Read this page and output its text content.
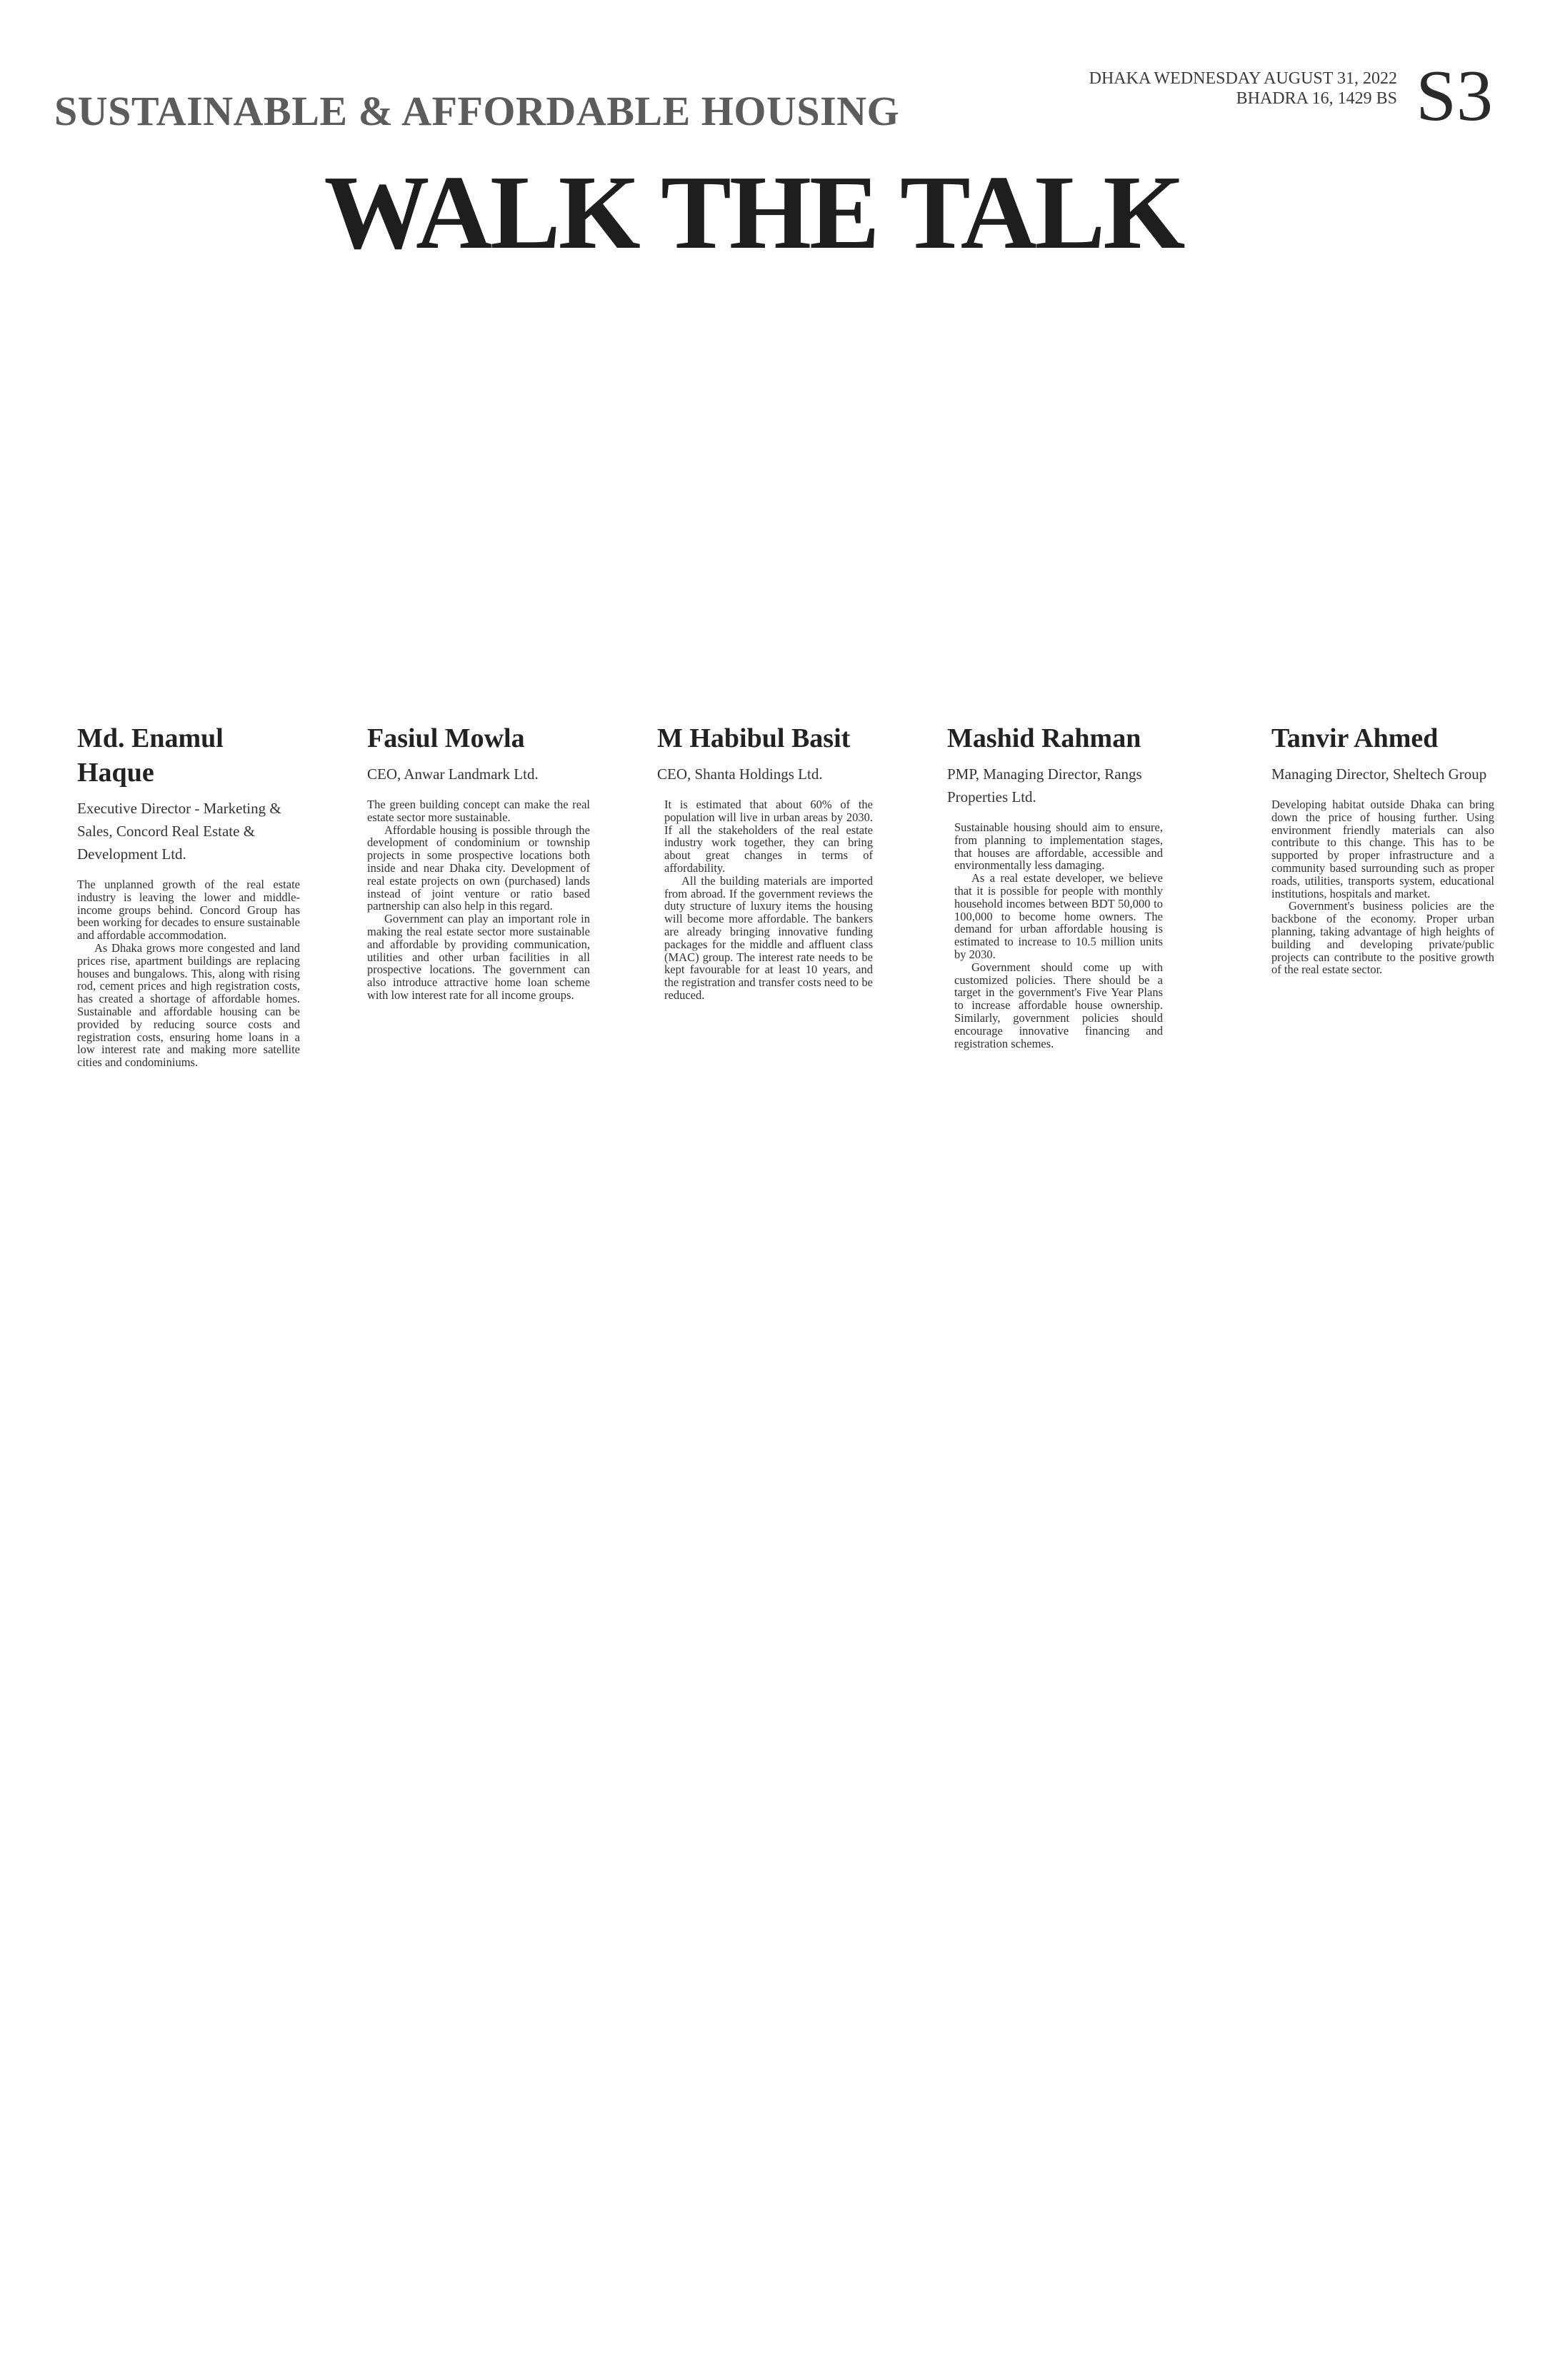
SUSTAINABLE & AFFORDABLE HOUSING
DHAKA WEDNESDAY AUGUST 31, 2022
BHADRA 16, 1429 BS S3
WALK THE TALK
Md. Enamul Haque
Executive Director - Marketing & Sales, Concord Real Estate & Development Ltd.

The unplanned growth of the real estate industry is leaving the lower and middle-income groups behind. Concord Group has been working for decades to ensure sustainable and affordable accommodation.

As Dhaka grows more congested and land prices rise, apartment buildings are replacing houses and bungalows. This, along with rising rod, cement prices and high registration costs, has created a shortage of affordable homes. Sustainable and affordable housing can be provided by reducing source costs and registration costs, ensuring home loans in a low interest rate and making more satellite cities and condominiums.

Fasiul Mowla
CEO, Anwar Landmark Ltd.

The green building concept can make the real estate sector more sustainable.

Affordable housing is possible through the development of condominium or township projects in some prospective locations both inside and near Dhaka city. Development of real estate projects on own (purchased) lands instead of joint venture or ratio based partnership can also help in this regard.

Government can play an important role in making the real estate sector more sustainable and affordable by providing communication, utilities and other urban facilities in all prospective locations. The government can also introduce attractive home loan scheme with low interest rate for all income groups.

M Habibul Basit
CEO, Shanta Holdings Ltd.

It is estimated that about 60% of the population will live in urban areas by 2030. If all the stakeholders of the real estate industry work together, they can bring about great changes in terms of affordability.

All the building materials are imported from abroad. If the government reviews the duty structure of luxury items the housing will become more affordable. The bankers are already bringing innovative funding packages for the middle and affluent class (MAC) group. The interest rate needs to be kept favourable for at least 10 years, and the registration and transfer costs need to be reduced.

Mashid Rahman
PMP, Managing Director, Rangs Properties Ltd.

Sustainable housing should aim to ensure, from planning to implementation stages, that houses are affordable, accessible and environmentally less damaging.

As a real estate developer, we believe that it is possible for people with monthly household incomes between BDT 50,000 to 100,000 to become home owners. The demand for urban affordable housing is estimated to increase to 10.5 million units by 2030.

Government should come up with customized policies. There should be a target in the government's Five Year Plans to increase affordable house ownership. Similarly, government policies should encourage innovative financing and registration schemes.

Tanvir Ahmed
Managing Director, Sheltech Group

Developing habitat outside Dhaka can bring down the price of housing further. Using environment friendly materials can also contribute to this change. This has to be supported by proper infrastructure and a community based surrounding such as proper roads, utilities, transports system, educational institutions, hospitals and market.

Government's business policies are the backbone of the economy. Proper urban planning, taking advantage of high heights of building and developing private/public projects can contribute to the positive growth of the real estate sector.
